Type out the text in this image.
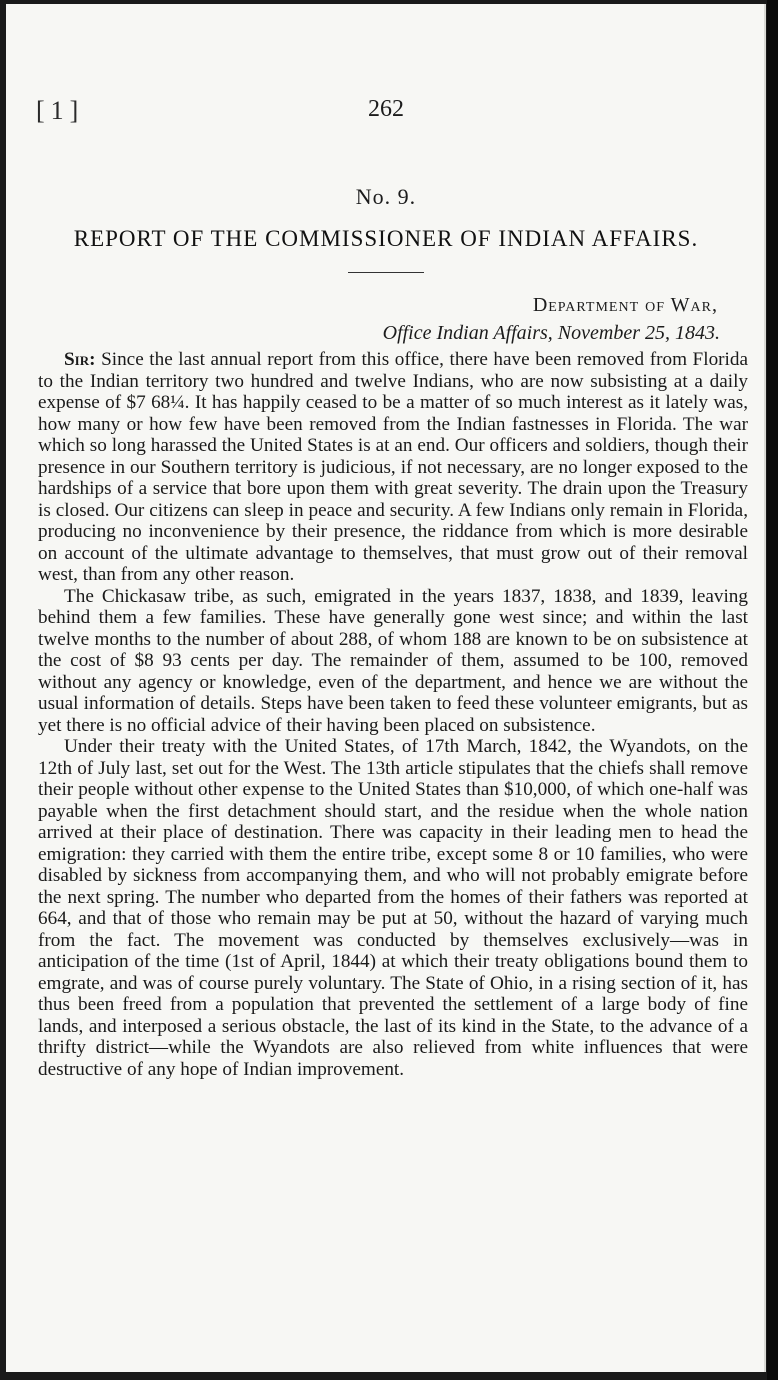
[1]	262
No. 9.
REPORT OF THE COMMISSIONER OF INDIAN AFFAIRS.
Department of War,
Office Indian Affairs, November 25, 1843.

Sir: Since the last annual report from this office, there have been removed from Florida to the Indian territory two hundred and twelve Indians, who are now subsisting at a daily expense of $7 68¼. It has happily ceased to be a matter of so much interest as it lately was, how many or how few have been removed from the Indian fastnesses in Florida. The war which so long harassed the United States is at an end. Our officers and soldiers, though their presence in our Southern territory is judicious, if not necessary, are no longer exposed to the hardships of a service that bore upon them with great severity. The drain upon the Treasury is closed. Our citizens can sleep in peace and security. A few Indians only remain in Florida, producing no inconvenience by their presence, the riddance from which is more desirable on account of the ultimate advantage to themselves, that must grow out of their removal west, than from any other reason.

The Chickasaw tribe, as such, emigrated in the years 1837, 1838, and 1839, leaving behind them a few families. These have generally gone west since; and within the last twelve months to the number of about 288, of whom 188 are known to be on subsistence at the cost of $8 93 cents per day. The remainder of them, assumed to be 100, removed without any agency or knowledge, even of the department, and hence we are without the usual information of details. Steps have been taken to feed these volunteer emigrants, but as yet there is no official advice of their having been placed on subsistence.

Under their treaty with the United States, of 17th March, 1842, the Wyandots, on the 12th of July last, set out for the West. The 13th article stipulates that the chiefs shall remove their people without other expense to the United States than $10,000, of which one-half was payable when the first detachment should start, and the residue when the whole nation arrived at their place of destination. There was capacity in their leading men to head the emigration: they carried with them the entire tribe, except some 8 or 10 families, who were disabled by sickness from accompanying them, and who will not probably emigrate before the next spring. The number who departed from the homes of their fathers was reported at 664, and that of those who remain may be put at 50, without the hazard of varying much from the fact. The movement was conducted by themselves exclusively—was in anticipation of the time (1st of April, 1844) at which their treaty obligations bound them to emgrate, and was of course purely voluntary. The State of Ohio, in a rising section of it, has thus been freed from a population that prevented the settlement of a large body of fine lands, and interposed a serious obstacle, the last of its kind in the State, to the advance of a thrifty district—while the Wyandots are also relieved from white influences that were destructive of any hope of Indian improvement.
